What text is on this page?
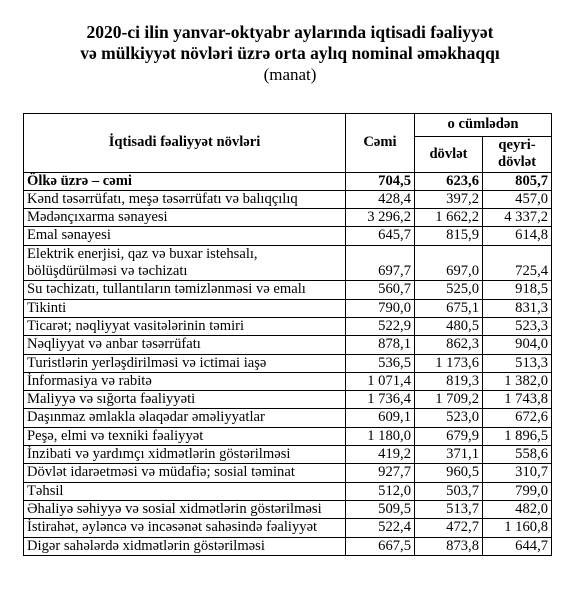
2020-ci ilin yanvar-oktyabr aylarında iqtisadi fəaliyyət
və mülkiyyət növləri üzrə orta aylıq nominal əməkhaqqı
(manat)
İqtisadi fəaliyyət növləri	Cəmi	o cümlədən	
		dövlət	qeyri-
dövlət

Ölkə üzrə – cəmi	704,5	623,6	805,7
Kənd təsərrüfatı, meşə təsərrüfatı və balıqçılıq	428,4	397,2	457,0
Mədənçıxarma sənayesi	3 296,2	1 662,2	4 337,2
Emal sənayesi	645,7	815,9	614,8

Elektrik enerjisi, qaz və buxar istehsalı,
bölüşdürülməsi və təchizatı	697,7	697,0	725,4
Su təchizatı, tullantıların təmizlənməsi və emalı	560,7	525,0	918,5
Tikinti	790,0	675,1	831,3
Ticarət; nəqliyyat vasitələrinin təmiri	522,9	480,5	523,3
Nəqliyyat və anbar təsərrüfatı	878,1	862,3	904,0
Turistlərin yerləşdirilməsi və ictimai iaşə	536,5	1 173,6	513,3
İnformasiya və rabitə	1 071,4	819,3	1 382,0
Maliyyə və sığorta fəaliyyəti	1 736,4	1 709,2	1 743,8
Daşınmaz əmlakla əlaqədar əməliyyatlar	609,1	523,0	672,6
Peşə, elmi və texniki fəaliyyət	1 180,0	679,9	1 896,5
İnzibati və yardımçı xidmətlərin göstərilməsi	419,2	371,1	558,6
Dövlət idarəetməsi və müdafiə; sosial təminat	927,7	960,5	310,7
Təhsil	512,0	503,7	799,0
Əhaliyə səhiyyə və sosial xidmətlərin göstərilməsi	509,5	513,7	482,0
İstirahət, əyləncə və incəsənət sahəsində fəaliyyət	522,4	472,7	1 160,8
Digər sahələrdə xidmətlərin göstərilməsi	667,5	873,8	644,7
